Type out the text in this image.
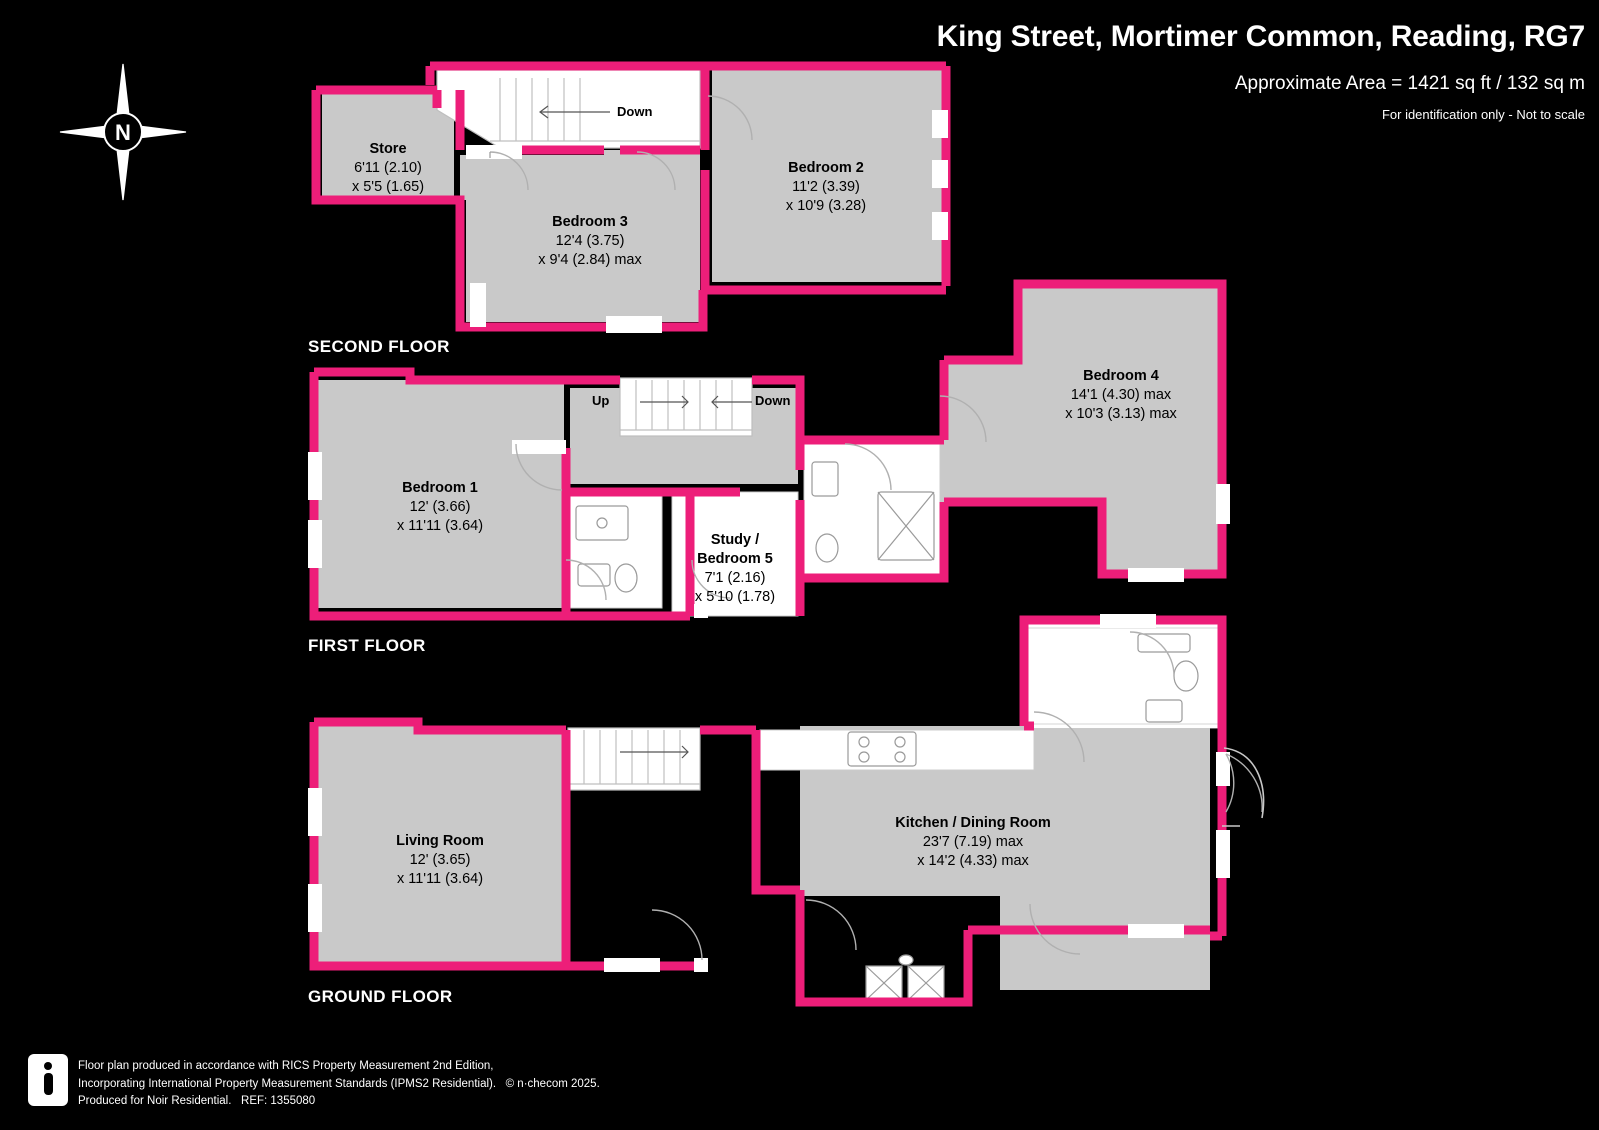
King Street, Mortimer Common, Reading, RG7
Approximate Area = 1421 sq ft / 132 sq m
For identification only - Not to scale
N
SECOND FLOOR
FIRST FLOOR
GROUND FLOOR
Down
Up	Down
Up
Store
6'11 (2.10)
x 5'5 (1.65)
Bedroom 3
12'4 (3.75)
x 9'4 (2.84) max
Bedroom 2
11'2 (3.39)
x 10'9 (3.28)
Bedroom 1
12' (3.66)
x 11'11 (3.64)
Bedroom 4
14'1 (4.30) max
x 10'3 (3.13) max
Study /
Bedroom 5
7'1 (2.16)
x 5'10 (1.78)
Living Room
12' (3.65)
x 11'11 (3.64)
Kitchen / Dining Room
23'7 (7.19) max
x 14'2 (4.33) max
Floor plan produced in accordance with RICS Property Measurement 2nd Edition,
Incorporating International Property Measurement Standards (IPMS2 Residential). © n·checom 2025.
Produced for Noir Residential. REF: 1355080
